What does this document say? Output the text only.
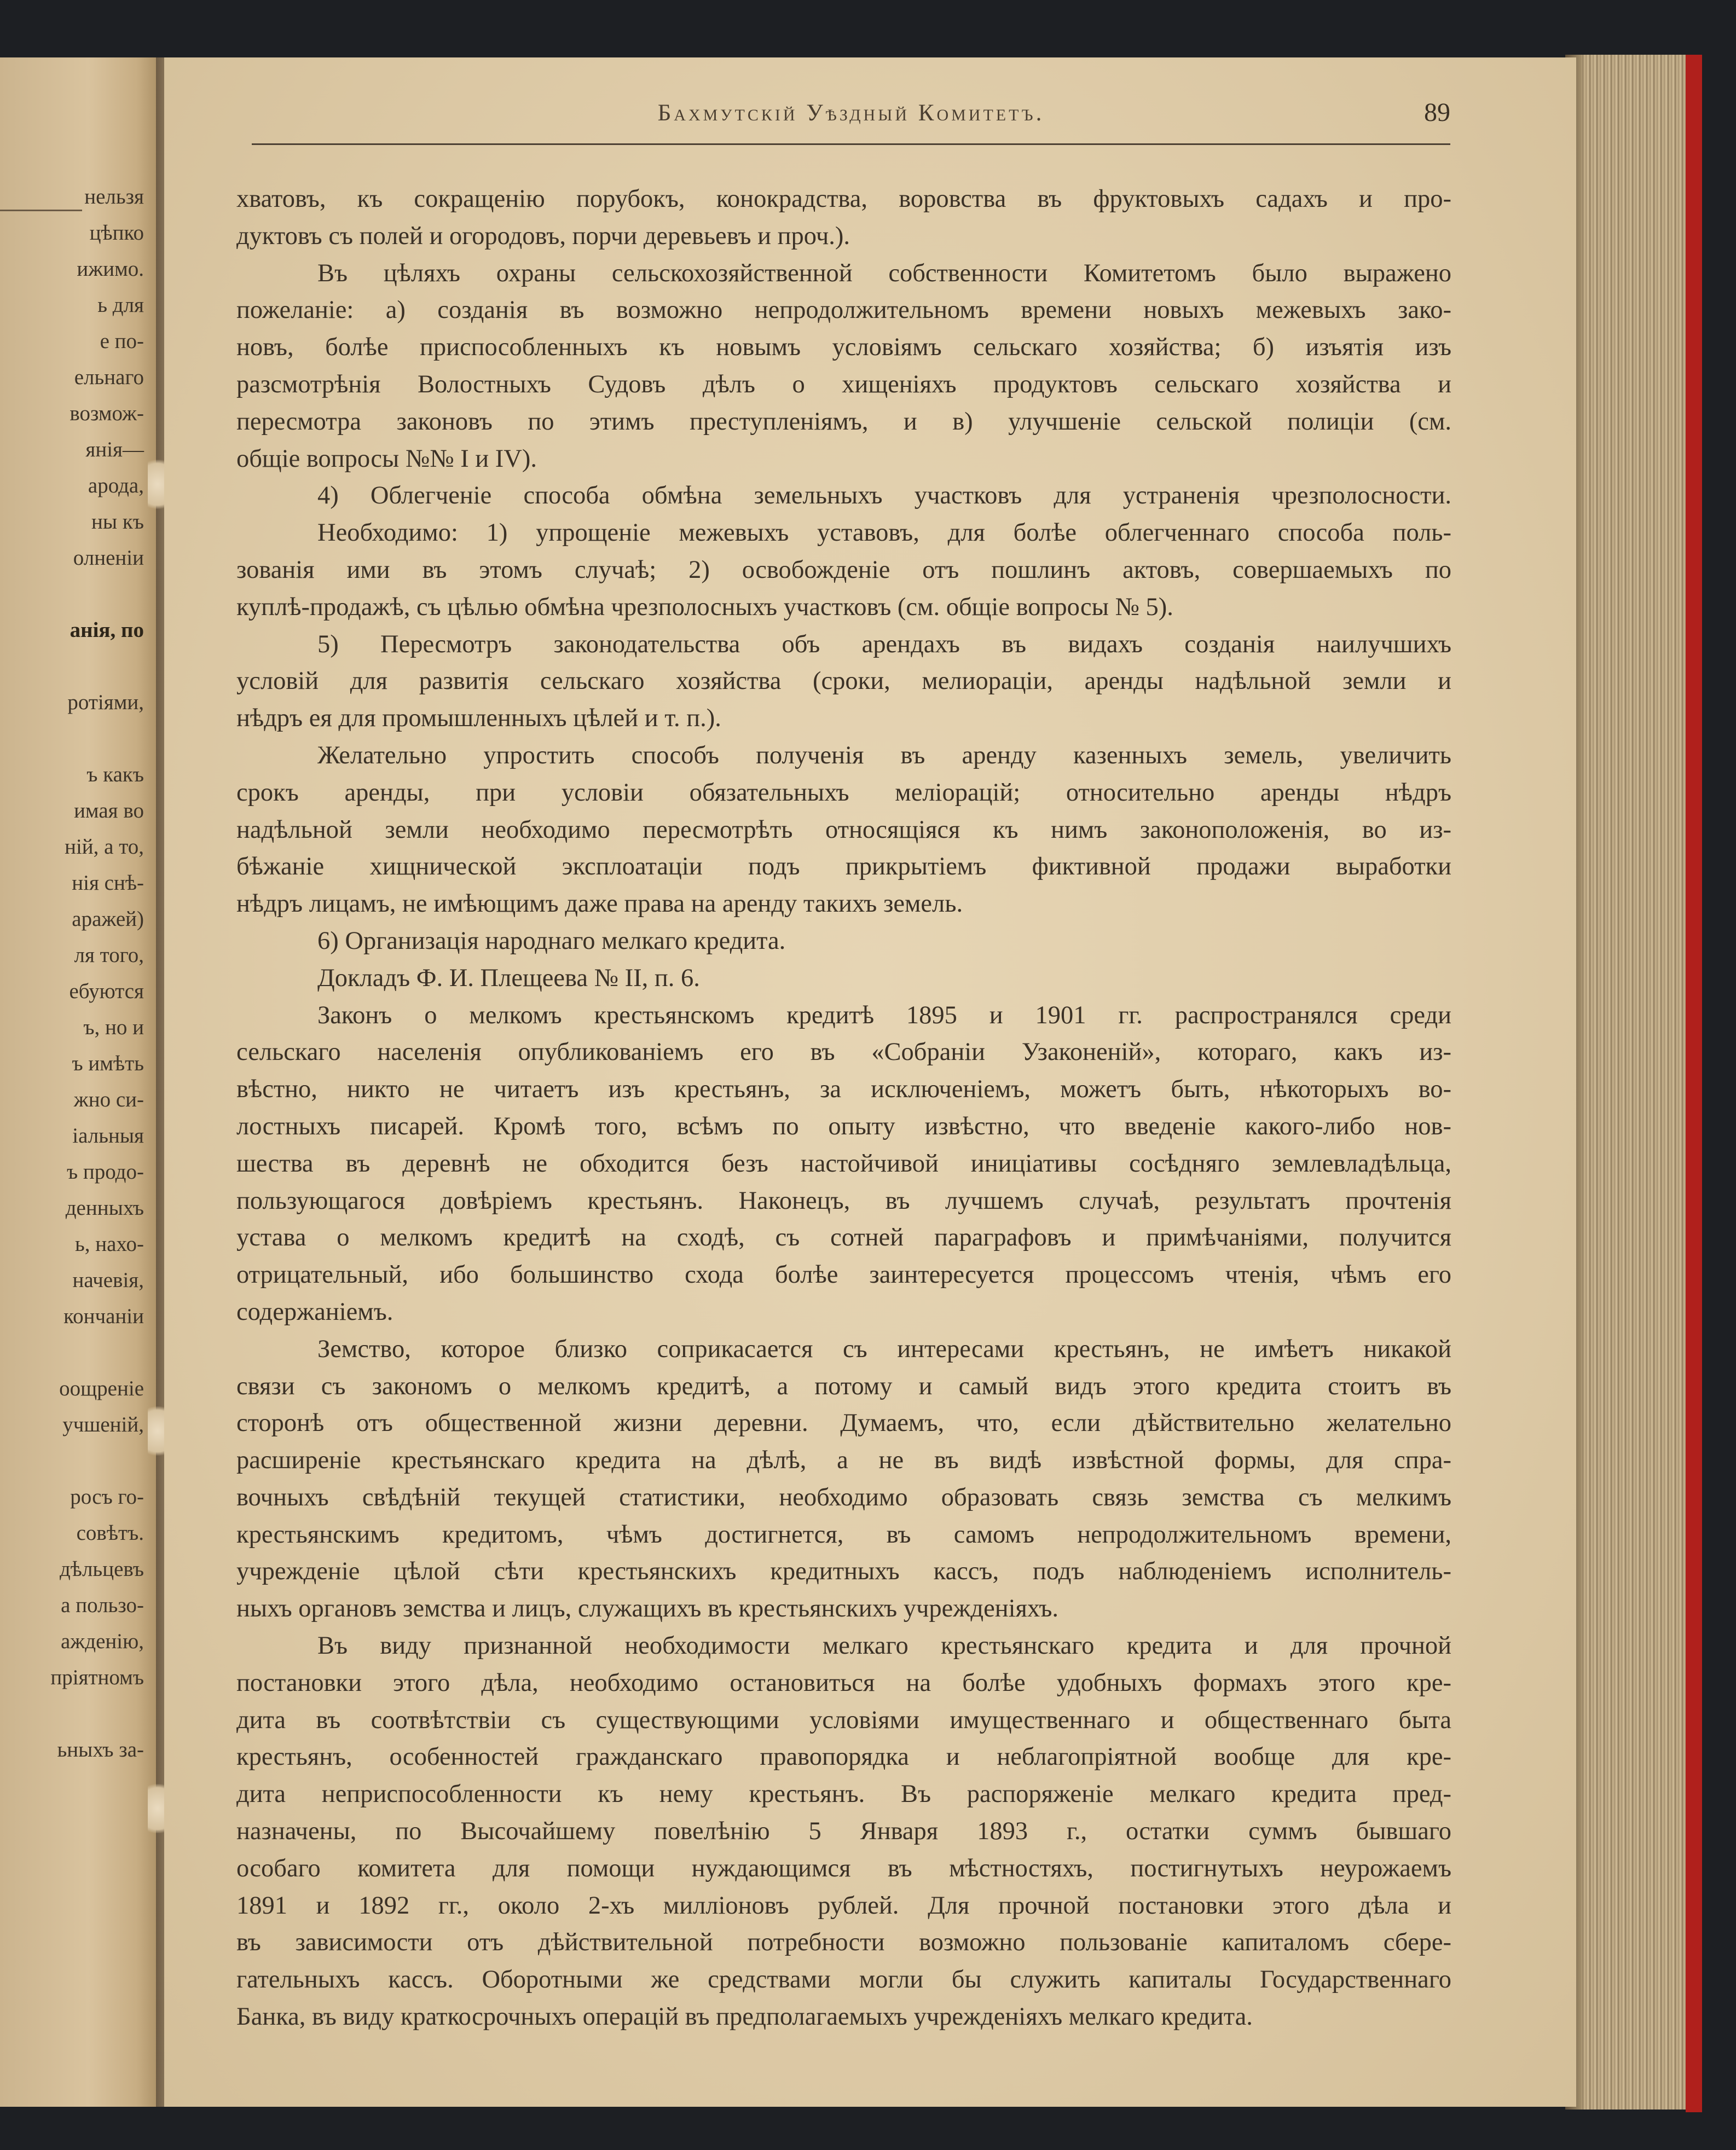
нельзя
цѣпко
ижимо.
ь для
е по-
ельнаго
возмож-
янія—
арода,
ны къ
олненіи
анія, по
ротіями,
ъ какъ
имая во
ній, а то,
нія снѣ-
аражей)
ля того,
ебуются
ъ, но и
ъ имѣть
жно си-
іальныя
ъ продо-
денныхъ
ь, нахо-
начевія,
кончаніи
оощреніе
учшеній,
росъ го-
совѣтъ.
дѣльцевъ
а пользо-
ажденію,
пріятномъ
ьныхъ за-
Бахмутскій Уѣздный Комитетъ.	89
хватовъ, къ сокращенію порубокъ, конокрадства, воровства въ фруктовыхъ садахъ и про-
дуктовъ съ полей и огородовъ, порчи деревьевъ и проч.).
Въ цѣляхъ охраны сельскохозяйственной собственности Комитетомъ было выражено
пожеланіе: а) созданія въ возможно непродолжительномъ времени новыхъ межевыхъ зако-
новъ, болѣе приспособленныхъ къ новымъ условіямъ сельскаго хозяйства; б) изъятія изъ
разсмотрѣнія Волостныхъ Судовъ дѣлъ о хищеніяхъ продуктовъ сельскаго хозяйства и
пересмотра законовъ по этимъ преступленіямъ, и в) улучшеніе сельской полиціи (см.
общіе вопросы №№ I и IV).
4) Облегченіе способа обмѣна земельныхъ участковъ для устраненія чрезполосности.
Необходимо: 1) упрощеніе межевыхъ уставовъ, для болѣе облегченнаго способа поль-
зованія ими въ этомъ случаѣ; 2) освобожденіе отъ пошлинъ актовъ, совершаемыхъ по
куплѣ-продажѣ, съ цѣлью обмѣна чрезполосныхъ участковъ (см. общіе вопросы № 5).
5) Пересмотръ законодательства объ арендахъ въ видахъ созданія наилучшихъ
условій для развитія сельскаго хозяйства (сроки, мелиораціи, аренды надѣльной земли и
нѣдръ ея для промышленныхъ цѣлей и т. п.).
Желательно упростить способъ полученія въ аренду казенныхъ земель, увеличить
срокъ аренды, при условіи обязательныхъ меліорацій; относительно аренды нѣдръ
надѣльной земли необходимо пересмотрѣть относящіяся къ нимъ законоположенія, во из-
бѣжаніе хищнической эксплоатаціи подъ прикрытіемъ фиктивной продажи выработки
нѣдръ лицамъ, не имѣющимъ даже права на аренду такихъ земель.
6) Организація народнаго мелкаго кредита.
Докладъ Ф. И. Плещеева № II, п. 6.
Законъ о мелкомъ крестьянскомъ кредитѣ 1895 и 1901 гг. распространялся среди
сельскаго населенія опубликованіемъ его въ «Собраніи Узаконеній», котораго, какъ из-
вѣстно, никто не читаетъ изъ крестьянъ, за исключеніемъ, можетъ быть, нѣкоторыхъ во-
лостныхъ писарей. Кромѣ того, всѣмъ по опыту извѣстно, что введеніе какого-либо нов-
шества въ деревнѣ не обходится безъ настойчивой иниціативы сосѣдняго землевладѣльца,
пользующагося довѣріемъ крестьянъ. Наконецъ, въ лучшемъ случаѣ, результатъ прочтенія
устава о мелкомъ кредитѣ на сходѣ, съ сотней параграфовъ и примѣчаніями, получится
отрицательный, ибо большинство схода болѣе заинтересуется процессомъ чтенія, чѣмъ его
содержаніемъ.
Земство, которое близко соприкасается съ интересами крестьянъ, не имѣетъ никакой
связи съ закономъ о мелкомъ кредитѣ, а потому и самый видъ этого кредита стоитъ въ
сторонѣ отъ общественной жизни деревни. Думаемъ, что, если дѣйствительно желательно
расширеніе крестьянскаго кредита на дѣлѣ, а не въ видѣ извѣстной формы, для спра-
вочныхъ свѣдѣній текущей статистики, необходимо образовать связь земства съ мелкимъ
крестьянскимъ кредитомъ, чѣмъ достигнется, въ самомъ непродолжительномъ времени,
учрежденіе цѣлой сѣти крестьянскихъ кредитныхъ кассъ, подъ наблюденіемъ исполнитель-
ныхъ органовъ земства и лицъ, служащихъ въ крестьянскихъ учрежденіяхъ.
Въ виду признанной необходимости мелкаго крестьянскаго кредита и для прочной
постановки этого дѣла, необходимо остановиться на болѣе удобныхъ формахъ этого кре-
дита въ соотвѣтствіи съ существующими условіями имущественнаго и общественнаго быта
крестьянъ, особенностей гражданскаго правопорядка и неблагопріятной вообще для кре-
дита неприспособленности къ нему крестьянъ. Въ распоряженіе мелкаго кредита пред-
назначены, по Высочайшему повелѣнію 5 Января 1893 г., остатки суммъ бывшаго
особаго комитета для помощи нуждающимся въ мѣстностяхъ, постигнутыхъ неурожаемъ
1891 и 1892 гг., около 2-хъ милліоновъ рублей. Для прочной постановки этого дѣла и
въ зависимости отъ дѣйствительной потребности возможно пользованіе капиталомъ сбере-
гательныхъ кассъ. Оборотными же средствами могли бы служить капиталы Государственнаго
Банка, въ виду краткосрочныхъ операцій въ предполагаемыхъ учрежденіяхъ мелкаго кредита.
